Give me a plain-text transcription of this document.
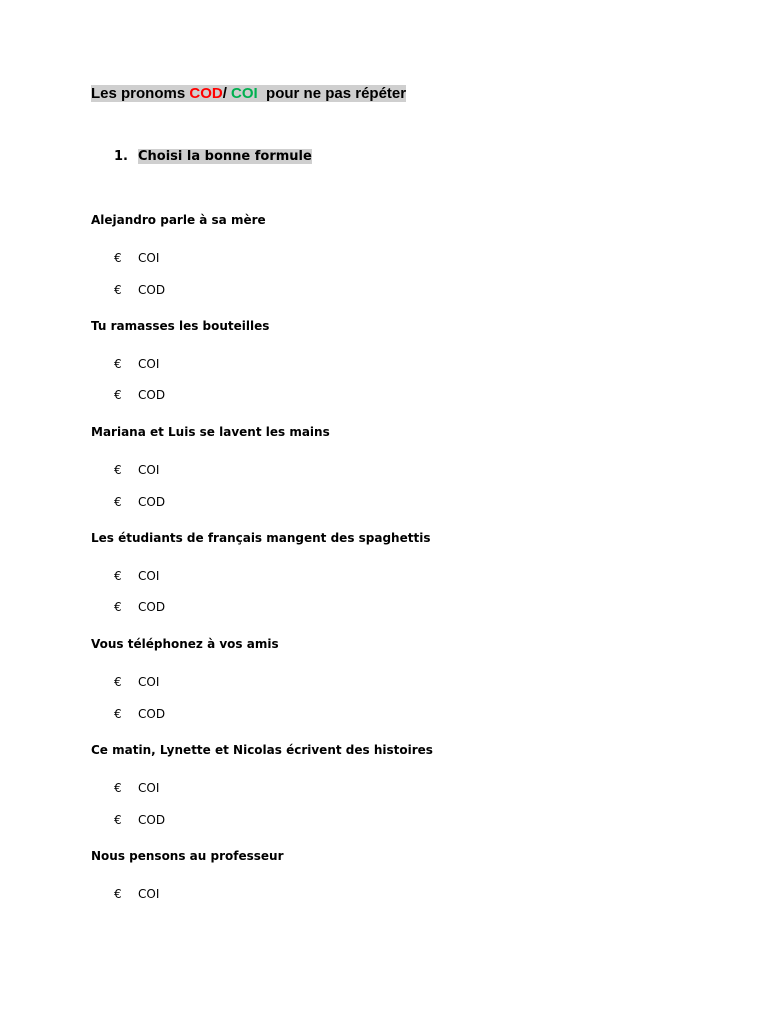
Les pronoms COD/ COI  pour ne pas répéter
1. Choisi la bonne formule

Alejandro parle à sa mère

€ COI
€ COD

Tu ramasses les bouteilles

€ COI
€ COD

Mariana et Luis se lavent les mains

€ COI
€ COD

Les étudiants de français mangent des spaghettis

€ COI
€ COD

Vous téléphonez à vos amis

€ COI
€ COD

Ce matin, Lynette et Nicolas écrivent des histoires

€ COI
€ COD

Nous pensons au professeur

€ COI
